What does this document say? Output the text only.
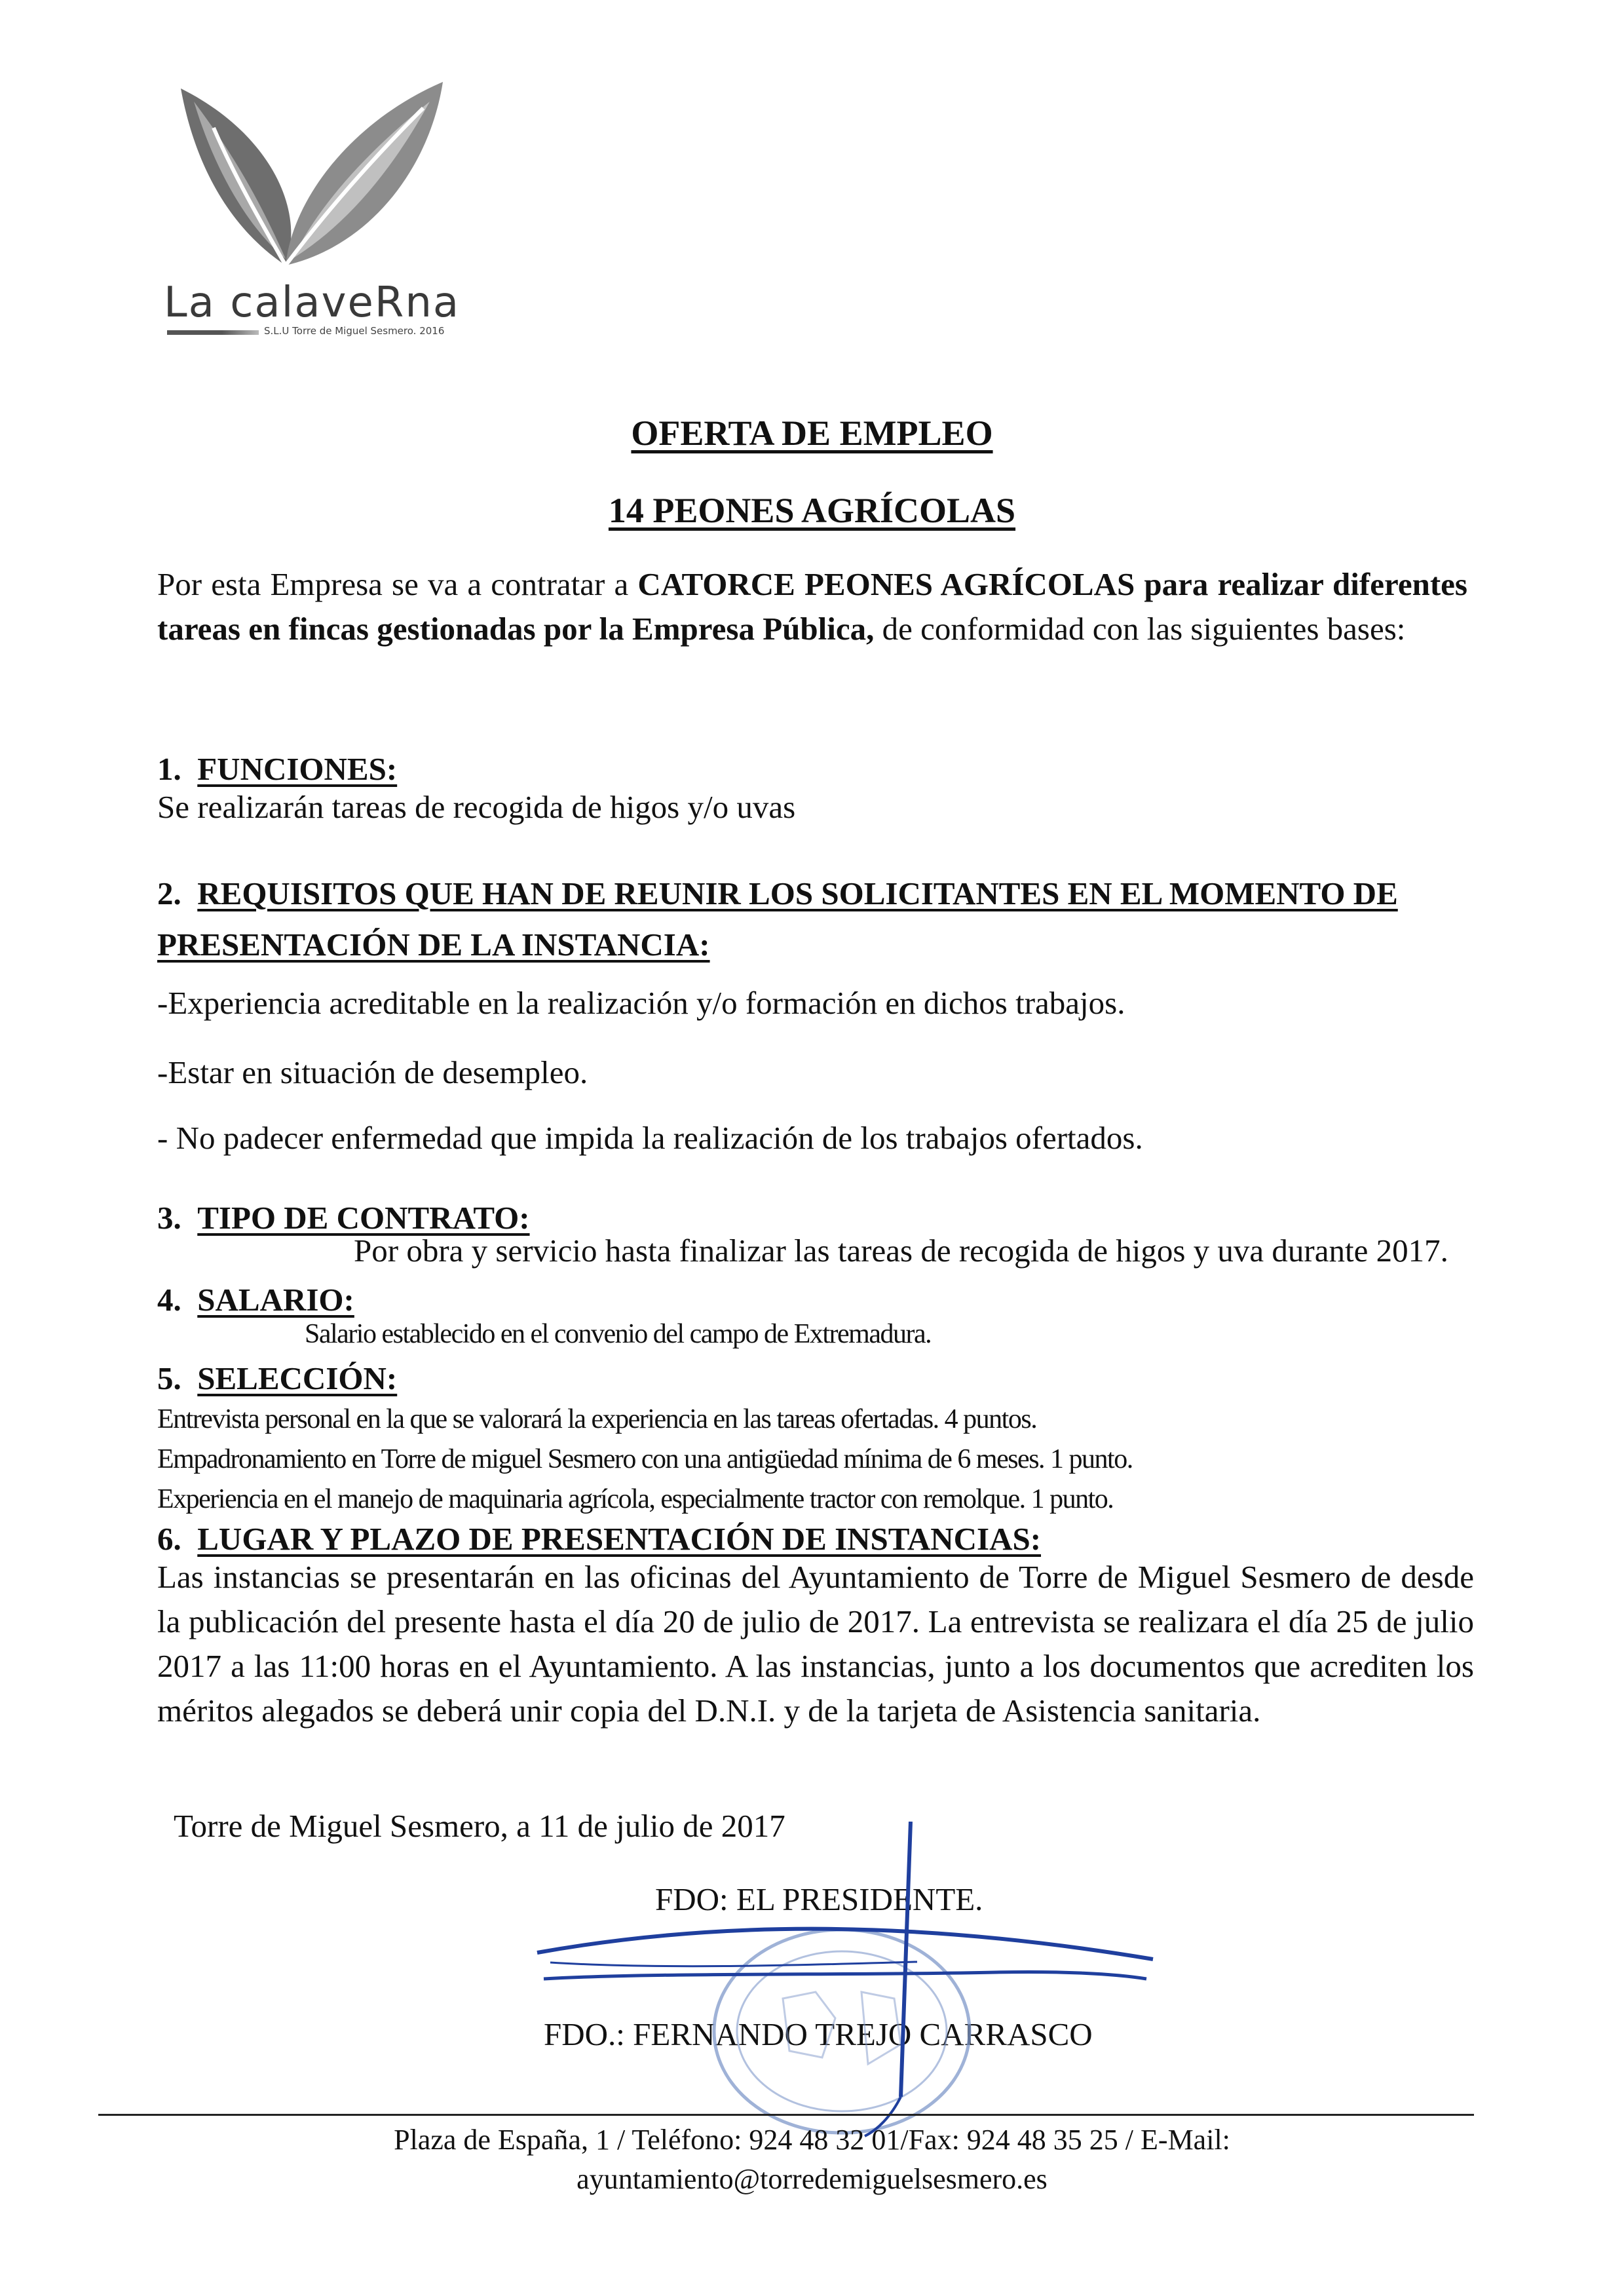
La calaveRna
S.L.U Torre de Miguel Sesmero. 2016
OFERTA DE EMPLEO
14 PEONES AGRÍCOLAS
Por esta Empresa se va a contratar a CATORCE PEONES AGRÍCOLAS para realizar diferentes tareas en fincas gestionadas por la Empresa Pública, de conformidad con las siguientes bases:
1. FUNCIONES:
Se realizarán tareas de recogida de higos y/o uvas
2. REQUISITOS QUE HAN DE REUNIR LOS SOLICITANTES EN EL MOMENTO DE
PRESENTACIÓN DE LA INSTANCIA:
-Experiencia acreditable en la realización y/o formación en dichos trabajos.
-Estar en situación de desempleo.
- No padecer enfermedad que impida la realización de los trabajos ofertados.
3. TIPO DE CONTRATO:
Por obra y servicio hasta finalizar las tareas de recogida de higos y uva durante 2017.
4. SALARIO:
Salario establecido en el convenio del campo de Extremadura.
5. SELECCIÓN:
Entrevista personal en la que se valorará la experiencia en las tareas ofertadas. 4 puntos.
Empadronamiento en Torre de miguel Sesmero con una antigüedad mínima de 6 meses. 1 punto.
Experiencia en el manejo de maquinaria agrícola, especialmente tractor con remolque. 1 punto.
6. LUGAR Y PLAZO DE PRESENTACIÓN DE INSTANCIAS:
Las instancias se presentarán en las oficinas del Ayuntamiento de Torre de Miguel Sesmero de desde la publicación del presente hasta el día 20 de julio de 2017. La entrevista se realizara el día 25 de julio 2017 a las 11:00 horas en el Ayuntamiento. A las instancias, junto a los documentos que acrediten los méritos alegados se deberá unir copia del D.N.I. y de la tarjeta de Asistencia sanitaria.
Torre de Miguel Sesmero, a 11 de julio de 2017
FDO: EL PRESIDENTE.
FDO.: FERNANDO TREJO CARRASCO
Plaza de España, 1 / Teléfono: 924 48 32 01/Fax: 924 48 35 25 / E-Mail:
ayuntamiento@torredemiguelsesmero.es
